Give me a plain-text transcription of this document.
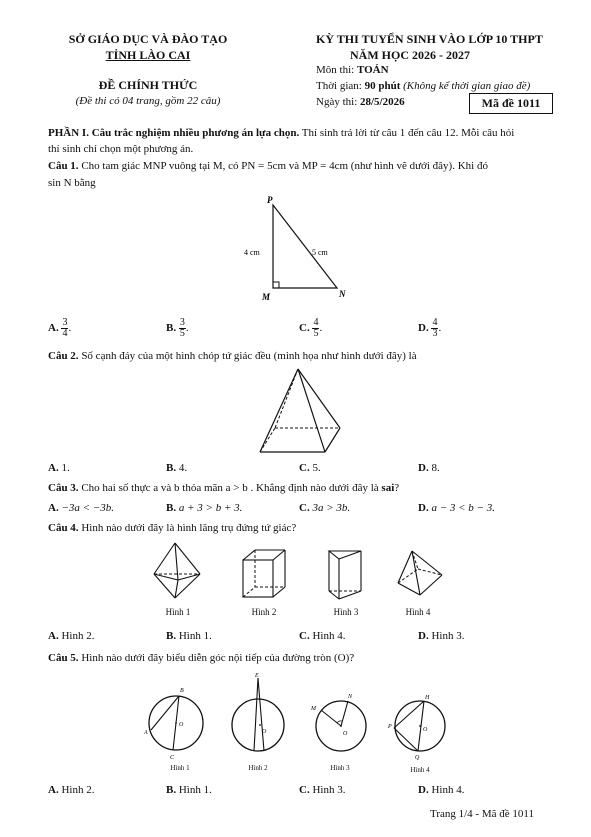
SỞ GIÁO DỤC VÀ ĐÀO TẠO
TỈNH LÀO CAI
ĐỀ CHÍNH THỨC
(Đề thi có 04 trang, gồm 22 câu)
KỲ THI TUYỂN SINH VÀO LỚP 10 THPT
NĂM HỌC 2026 - 2027
Môn thi: TOÁN
Thời gian: 90 phút (Không kể thời gian giao đề)
Ngày thi: 28/5/2026	Mã đề 1011
PHẦN I. Câu trắc nghiệm nhiều phương án lựa chọn. Thí sinh trả lời từ câu 1 đến câu 12. Mỗi câu hỏi
thí sinh chỉ chọn một phương án.
Câu 1. Cho tam giác MNP vuông tại M, có PN = 5cm và MP = 4cm (như hình vẽ dưới đây). Khi đó
sin N bằng
P
M	N
4 cm	5 cm
A. $\frac{3}{4}$ .	B. $\frac{3}{5}$ .	C. $\frac{4}{5}$ .	D. $\frac{4}{3}$ .
Câu 2. Số cạnh đáy của một hình chóp tứ giác đều (minh họa như hình dưới đây) là
A. 1.	B. 4.	C. 5.	D. 8.
Câu 3. Cho hai số thực a và b thỏa mãn a > b . Khẳng định nào dưới đây là sai?
A. −3a < −3b.	B. a + 3 > b + 3.	C. 3a > 3b.	D. a − 3 < b − 3.
Câu 4. Hình nào dưới đây là hình lăng trụ đứng tứ giác?
Hình 1	Hình 2	Hình 3	Hình 4
A. Hình 2.	B. Hình 1.	C. Hình 4.	D. Hình 3.
Câu 5. Hình nào dưới đây biểu diễn góc nội tiếp của đường tròn (O)?
B
A
O
C
E
O
N
M
O
H
P	O
Q
Hình 1	Hình 2	Hình 3	Hình 4
A. Hình 2.	B. Hình 1.	C. Hình 3.	D. Hình 4.
Trang 1/4 - Mã đề 1011
